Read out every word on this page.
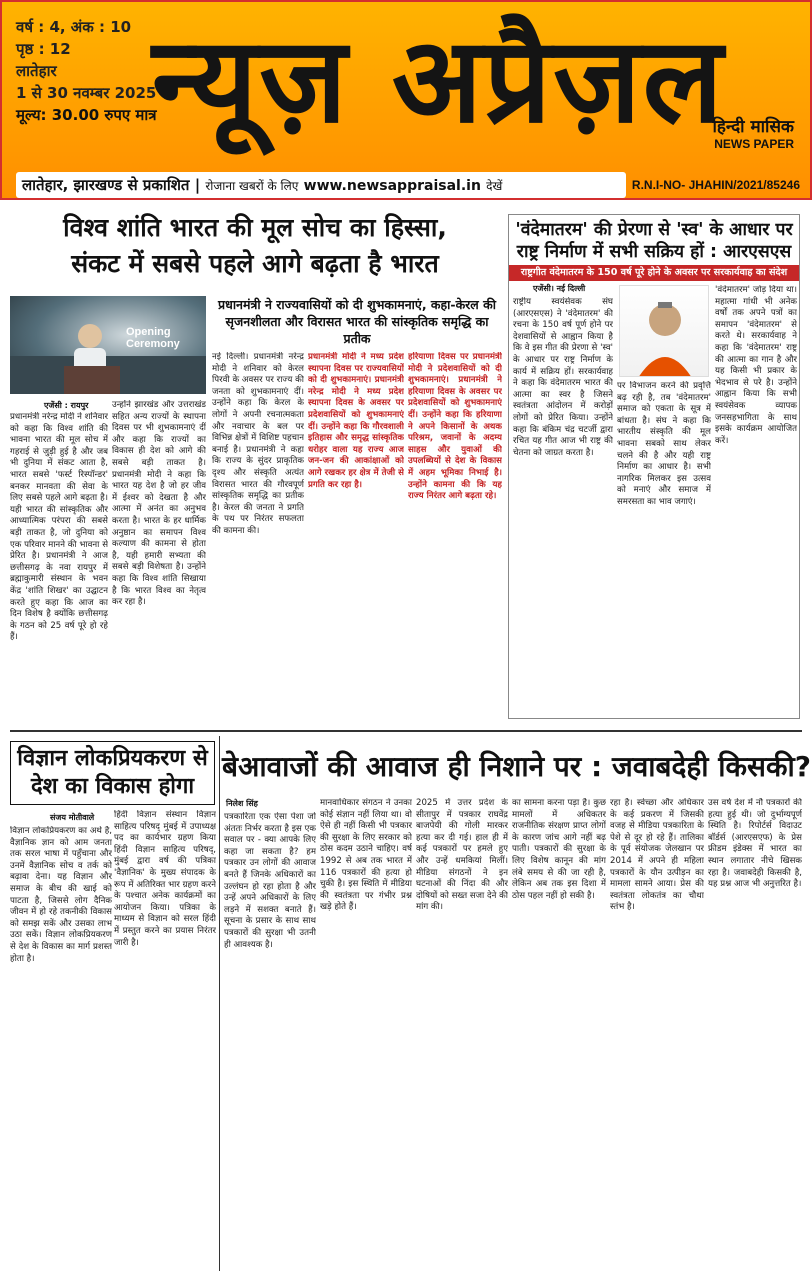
वर्ष : 4, अंक : 10
पृष्ठ : 12
लातेहार
1 से 30 नवम्बर 2025
मूल्य: 30.00 रुपए मात्र
न्यूज़ अप्रैज़ल
हिन्दी मासिक
NEWS PAPER
R.N.I-NO- JHAHIN/2021/85246
लातेहार, झारखण्ड से प्रकाशित | रोजाना खबरों के लिए www.newsappraisal.in देखें
विश्व शांति भारत की मूल सोच का हिस्सा,
संकट में सबसे पहले आगे बढ़ता है भारत
Opening Ceremony
एजेंसी : रायपुर
प्रधानमंत्री नरेन्द्र मोदी ने शनिवार को कहा कि विश्व शांति की भावना भारत की मूल सोच में गहराई से जुड़ी हुई है और जब भी दुनिया में संकट आता है, भारत सबसे 'फर्स्ट रिस्पॉन्डर' बनकर मानवता की सेवा के लिए सबसे पहले आगे बढ़ता है। यही भारत की सांस्कृतिक और आध्यात्मिक परंपरा की सबसे बड़ी ताकत है, जो दुनिया को एक परिवार मानने की भावना से प्रेरित है। प्रधानमंत्री ने आज छत्तीसगढ़ के नवा रायपुर में ब्रह्माकुमारी संस्थान के भवन केंद्र 'शांति शिखर' का उद्घाटन करते हुए कहा कि आज का दिन विशेष है क्योंकि छत्तीसगढ़ के गठन को 25 वर्ष पूरे हो रहे हैं।
उन्होंने झारखंड और उत्तराखंड सहित अन्य राज्यों के स्थापना दिवस पर भी शुभकामनाएं दीं और कहा कि राज्यों का विकास ही देश को आगे की सबसे बड़ी ताकत है। प्रधानमंत्री मोदी ने कहा कि भारत यह देश है जो हर जीव में ईश्वर को देखता है और आत्मा में अनंत का अनुभव करता है। भारत के हर धार्मिक अनुष्ठान का समापन विश्व कल्याण की कामना से होता है, यही हमारी सभ्यता की सबसे बड़ी विशेषता है। उन्होंने कहा कि विश्व शांति सिखाया है कि भारत विश्व का नेतृत्व कर रहा है।
प्रधानमंत्री ने राज्यवासियों को दी शुभकामनाएं, कहा-केरल की सृजनशीलता और विरासत भारत की सांस्कृतिक समृद्धि का प्रतीक
नई दिल्ली। प्रधानमंत्री नरेन्द्र मोदी ने शनिवार को केरल पिरवी के अवसर पर राज्य की जनता को शुभकामनाएं दीं। उन्होंने कहा कि केरल के लोगों ने अपनी रचनात्मकता और नवाचार के बल पर विभिन्न क्षेत्रों में विशिष्ट पहचान बनाई है। प्रधानमंत्री ने कहा कि राज्य के सुंदर प्राकृतिक दृश्य और संस्कृति अत्यंत विरासत भारत की गौरवपूर्ण सांस्कृतिक समृद्धि का प्रतीक है। केरल की जनता ने प्रगति के पथ पर निरंतर सफलता की कामना की।
प्रधानमंत्री मोदी ने मध्य प्रदेश स्थापना दिवस पर राज्यवासियों को दी शुभकामनाएं। प्रधानमंत्री नरेन्द्र मोदी ने मध्य प्रदेश स्थापना दिवस के अवसर पर प्रदेशवासियों को शुभकामनाएं दीं। उन्होंने कहा कि गौरवशाली इतिहास और समृद्ध सांस्कृतिक धरोहर वाला यह राज्य आज जन-जन की आकांक्षाओं को आगे रखकर हर क्षेत्र में तेजी से प्रगति कर रहा है।
हरियाणा दिवस पर प्रधानमंत्री मोदी ने प्रदेशवासियों को दी शुभकामनाएं। प्रधानमंत्री ने हरियाणा दिवस के अवसर पर प्रदेशवासियों को शुभकामनाएं दीं। उन्होंने कहा कि हरियाणा ने अपने किसानों के अथक परिश्रम, जवानों के अदम्य साहस और युवाओं की उपलब्धियों से देश के विकास में अहम भूमिका निभाई है। उन्होंने कामना की कि यह राज्य निरंतर आगे बढ़ता रहे।
'वंदेमातरम' की प्रेरणा से 'स्व' के आधार पर राष्ट्र निर्माण में सभी सक्रिय हों : आरएसएस
राष्ट्रगीत वंदेमातरम के 150 वर्ष पूरे होने के अवसर पर सरकार्यवाह का संदेश
एजेंसी। नई दिल्ली
राष्ट्रीय स्वयंसेवक संघ (आरएसएस) ने 'वंदेमातरम' की रचना के 150 वर्ष पूर्ण होने पर देशवासियों से आह्वान किया है कि वे इस गीत की प्रेरणा से 'स्व' के आधार पर राष्ट्र निर्माण के कार्य में सक्रिय हों। सरकार्यवाह ने कहा कि वंदेमातरम भारत की आत्मा का स्वर है जिसने स्वतंत्रता आंदोलन में करोड़ों लोगों को प्रेरित किया। उन्होंने कहा कि बंकिम चंद्र चटर्जी द्वारा रचित यह गीत आज भी राष्ट्र की चेतना को जाग्रत करता है।
पर विभाजन करने की प्रवृत्ति बढ़ रही है, तब 'वंदेमातरम' समाज को एकता के सूत्र में बांधता है। संघ ने कहा कि भारतीय संस्कृति की मूल भावना सबको साथ लेकर चलने की है और यही राष्ट्र निर्माण का आधार है। सभी नागरिक मिलकर इस उत्सव को मनाएं और समाज में समरसता का भाव जगाएं।
'वंदेमातरम' जोड़ दिया था। महात्मा गांधी भी अनेक वर्षों तक अपने पत्रों का समापन 'वंदेमातरम' से करते थे। सरकार्यवाह ने कहा कि 'वंदेमातरम' राष्ट्र की आत्मा का गान है और यह किसी भी प्रकार के भेदभाव से परे है। उन्होंने आह्वान किया कि सभी स्वयंसेवक व्यापक जनसहभागिता के साथ इसके कार्यक्रम आयोजित करें।
विज्ञान लोकप्रियकरण से देश का विकास होगा
संजय मोतीवाले
विज्ञान लोकप्रियकरण का अर्थ है, वैज्ञानिक ज्ञान को आम जनता तक सरल भाषा में पहुँचाना और उनमें वैज्ञानिक सोच व तर्क को बढ़ावा देना। यह विज्ञान और समाज के बीच की खाई को पाटता है, जिससे लोग दैनिक जीवन में हो रहे तकनीकी विकास को समझ सकें और उसका लाभ उठा सकें। विज्ञान लोकप्रियकरण से देश के विकास का मार्ग प्रशस्त होता है।
हिंदी विज्ञान संस्थान विज्ञान साहित्य परिषद् मुंबई में उपाध्यक्ष पद का कार्यभार ग्रहण किया हिंदी विज्ञान साहित्य परिषद्, मुंबई द्वारा वर्ष की पत्रिका 'वैज्ञानिक' के मुख्य संपादक के रूप में अतिरिक्त भार ग्रहण करने के पश्चात अनेक कार्यक्रमों का आयोजन किया। पत्रिका के माध्यम से विज्ञान को सरल हिंदी में प्रस्तुत करने का प्रयास निरंतर जारी है।
बेआवाजों की आवाज ही निशाने पर : जवाबदेही किसकी?
निलेश सिंह
पत्रकारिता एक ऐसा पेशा जो अंततः निर्भर करता है इस एक सवाल पर - क्या आपके लिए कहा जा सकता है? हम पत्रकार उन लोगों की आवाज बनते हैं जिनके अधिकारों का उल्लंघन हो रहा होता है और उन्हें अपने अधिकारों के लिए लड़ने में सशक्त बनाते हैं। सूचना के प्रसार के साथ साथ पत्रकारों की सुरक्षा भी उतनी ही आवश्यक है।
मानवाधिकार संगठन ने उनका कोई संज्ञान नहीं लिया था। वो ऐसे ही नहीं किसी भी पत्रकार की सुरक्षा के लिए सरकार को ठोस कदम उठाने चाहिए। वर्ष 1992 से अब तक भारत में 116 पत्रकारों की हत्या हो चुकी है। इस स्थिति में मीडिया की स्वतंत्रता पर गंभीर प्रश्न खड़े होते हैं।
2025 में उत्तर प्रदेश के सीतापुर में पत्रकार राघवेंद्र बाजपेयी की गोली मारकर हत्या कर दी गई। हाल ही में कई पत्रकारों पर हमले हुए और उन्हें धमकियां मिलीं। मीडिया संगठनों ने इन घटनाओं की निंदा की और दोषियों को सख्त सजा देने की मांग की।
का सामना करना पड़ा है। कुछ मामलों में अधिकतर राजनीतिक संरक्षण प्राप्त लोगों के कारण जांच आगे नहीं बढ़ पाती। पत्रकारों की सुरक्षा के लिए विशेष कानून की मांग लंबे समय से की जा रही है, लेकिन अब तक इस दिशा में ठोस पहल नहीं हो सकी है।
रहा है। स्वेच्छा और अधिकार के कई प्रकरण में जिसकी वजह से मीडिया पत्रकारिता के पेशे से दूर हो रहे हैं। तालिका के पूर्व संयोजक जेलखान पर 2014 में अपने ही महिला पत्रकारों के यौन उत्पीड़न का मामला सामने आया। प्रेस की स्वतंत्रता लोकतंत्र का चौथा स्तंभ है।
उस वर्ष देश में नौ पत्रकारों की हत्या हुई थी। जो दुर्भाग्यपूर्ण स्थिति है। रिपोर्टर्स विदाउट बॉर्डर्स (आरएसएफ) के प्रेस फ्रीडम इंडेक्स में भारत का स्थान लगातार नीचे खिसक रहा है। जवाबदेही किसकी है, यह प्रश्न आज भी अनुत्तरित है।
